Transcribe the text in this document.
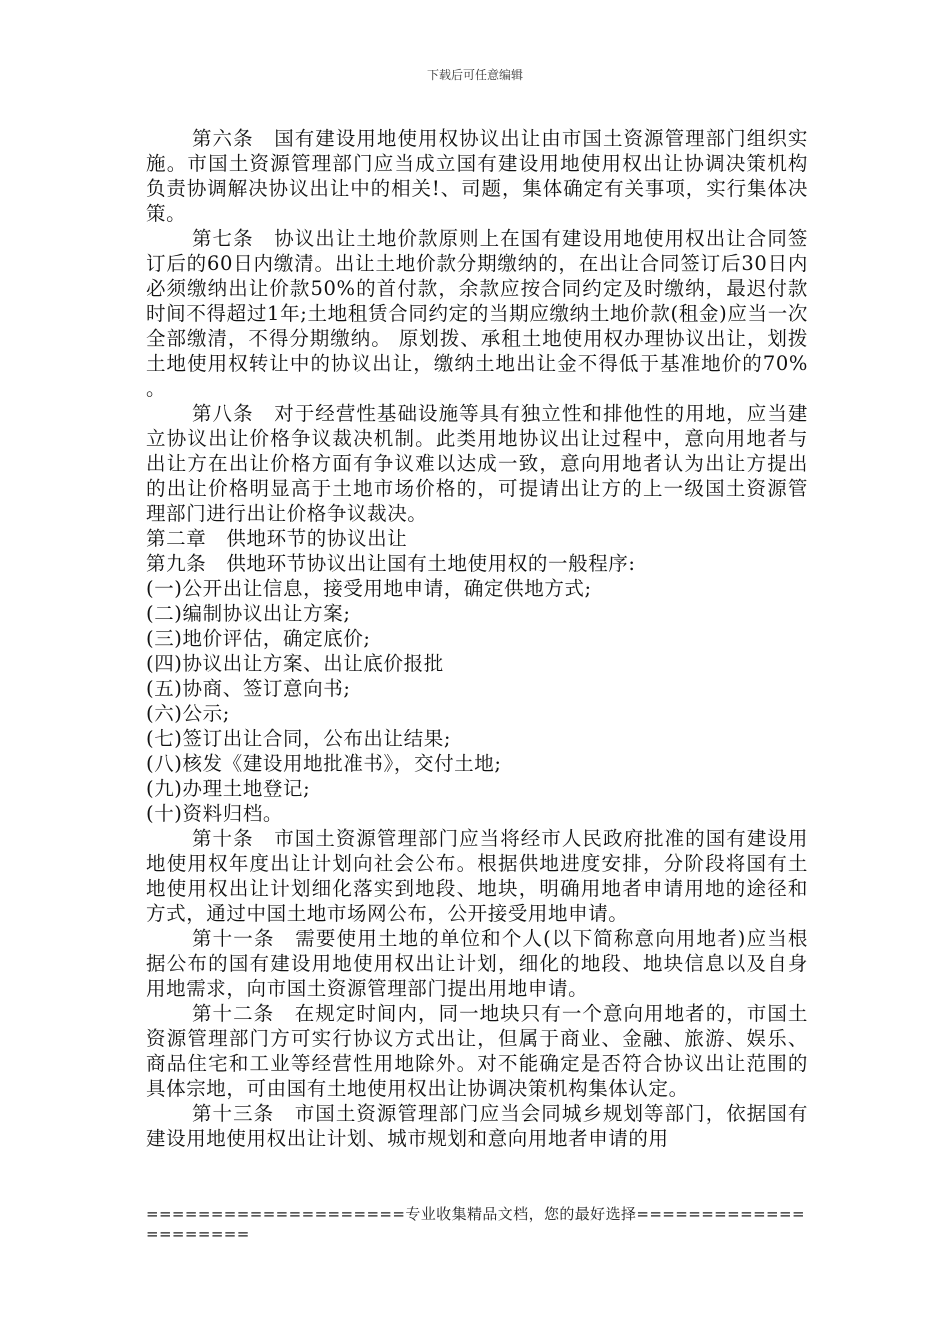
下载后可任意编辑

第六条　国有建设用地使用权协议出让由市国土资源管理部门组织实施。市国土资源管理部门应当成立国有建设用地使用权出让协调决策机构负责协调解决协议出让中的相关!、司题，集体确定有关事项，实行集体决策。

第七条　协议出让土地价款原则上在国有建设用地使用权出让合同签订后的60日内缴清。出让土地价款分期缴纳的，在出让合同签订后30日内必须缴纳出让价款50%的首付款，余款应按合同约定及时缴纳，最迟付款时间不得超过1年;土地租赁合同约定的当期应缴纳土地价款(租金)应当一次全部缴清，不得分期缴纳。 原划拨、承租土地使用权办理协议出让，划拨土地使用权转让中的协议出让，缴纳土地出让金不得低于基准地价的70% 。

第八条　对于经营性基础设施等具有独立性和排他性的用地，应当建立协议出让价格争议裁决机制。此类用地协议出让过程中，意向用地者与出让方在出让价格方面有争议难以达成一致，意向用地者认为出让方提出的出让价格明显高于土地市场价格的，可提请出让方的上一级国土资源管理部门进行出让价格争议裁决。

第二章　供地环节的协议出让

第九条　供地环节协议出让国有土地使用权的一般程序:

(一)公开出让信息，接受用地申请，确定供地方式;

(二)编制协议出让方案;

(三)地价评估，确定底价;

(四)协议出让方案、出让底价报批

(五)协商、签订意向书;

(六)公示;

(七)签订出让合同，公布出让结果;

(八)核发《建设用地批准书》，交付土地;

(九)办理土地登记;

(十)资料归档。

第十条　市国土资源管理部门应当将经市人民政府批准的国有建设用地使用权年度出让计划向社会公布。根据供地进度安排，分阶段将国有土地使用权出让计划细化落实到地段、地块，明确用地者申请用地的途径和方式，通过中国土地市场网公布，公开接受用地申请。

第十一条　需要使用土地的单位和个人(以下简称意向用地者)应当根据公布的国有建设用地使用权出让计划，细化的地段、地块信息以及自身用地需求，向市国土资源管理部门提出用地申请。

第十二条　在规定时间内，同一地块只有一个意向用地者的，市国土资源管理部门方可实行协议方式出让，但属于商业、金融、旅游、娱乐、商品住宅和工业等经营性用地除外。对不能确定是否符合协议出让范围的具体宗地，可由国有土地使用权出让协调决策机构集体认定。

第十三条　市国土资源管理部门应当会同城乡规划等部门，依据国有建设用地使用权出让计划、城市规划和意向用地者申请的用

====================专业收集精品文档，您的最好选择=====================
